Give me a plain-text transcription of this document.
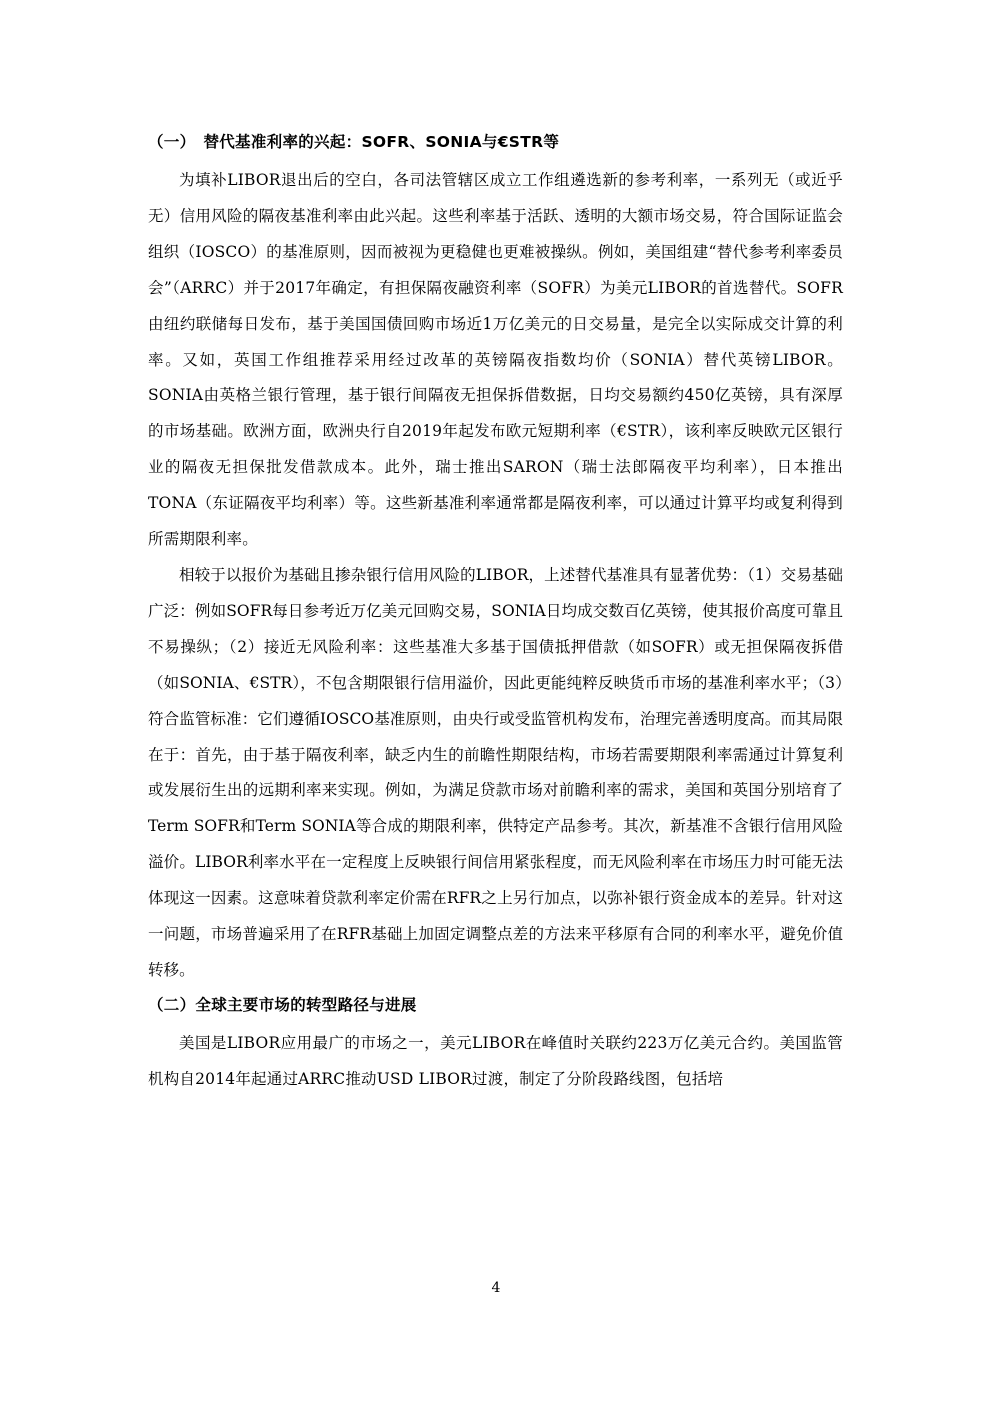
（一）　替代基准利率的兴起：SOFR、SONIA与€STR等

为填补LIBOR退出后的空白，各司法管辖区成立工作组遴选新的参考利率，一系列无（或近乎无）信用风险的隔夜基准利率由此兴起。这些利率基于活跃、透明的大额市场交易，符合国际证监会组织（IOSCO）的基准原则，因而被视为更稳健也更难被操纵。例如，美国组建“替代参考利率委员会”（ARRC）并于2017年确定，有担保隔夜融资利率（SOFR）为美元LIBOR的首选替代。SOFR由纽约联储每日发布，基于美国国债回购市场近1万亿美元的日交易量，是完全以实际成交计算的利率。又如，英国工作组推荐采用经过改革的英镑隔夜指数均价（SONIA）替代英镑LIBOR。SONIA由英格兰银行管理，基于银行间隔夜无担保拆借数据，日均交易额约450亿英镑，具有深厚的市场基础。欧洲方面，欧洲央行自2019年起发布欧元短期利率（€STR），该利率反映欧元区银行业的隔夜无担保批发借款成本。此外，瑞士推出SARON（瑞士法郎隔夜平均利率），日本推出TONA（东证隔夜平均利率）等。这些新基准利率通常都是隔夜利率，可以通过计算平均或复利得到所需期限利率。

相较于以报价为基础且掺杂银行信用风险的LIBOR，上述替代基准具有显著优势：（1）交易基础广泛：例如SOFR每日参考近万亿美元回购交易，SONIA日均成交数百亿英镑，使其报价高度可靠且不易操纵；（2）接近无风险利率：这些基准大多基于国债抵押借款（如SOFR）或无担保隔夜拆借（如SONIA、€STR），不包含期限银行信用溢价，因此更能纯粹反映货币市场的基准利率水平；（3）符合监管标准：它们遵循IOSCO基准原则，由央行或受监管机构发布，治理完善透明度高。而其局限在于：首先，由于基于隔夜利率，缺乏内生的前瞻性期限结构，市场若需要期限利率需通过计算复利或发展衍生出的远期利率来实现。例如，为满足贷款市场对前瞻利率的需求，美国和英国分别培育了Term SOFR和Term SONIA等合成的期限利率，供特定产品参考。其次，新基准不含银行信用风险溢价。LIBOR利率水平在一定程度上反映银行间信用紧张程度，而无风险利率在市场压力时可能无法体现这一因素。这意味着贷款利率定价需在RFR之上另行加点，以弥补银行资金成本的差异。针对这一问题，市场普遍采用了在RFR基础上加固定调整点差的方法来平移原有合同的利率水平，避免价值转移。

（二）全球主要市场的转型路径与进展

美国是LIBOR应用最广的市场之一，美元LIBOR在峰值时关联约223万亿美元合约。美国监管机构自2014年起通过ARRC推动USD LIBOR过渡，制定了分阶段路线图，包括培

4
